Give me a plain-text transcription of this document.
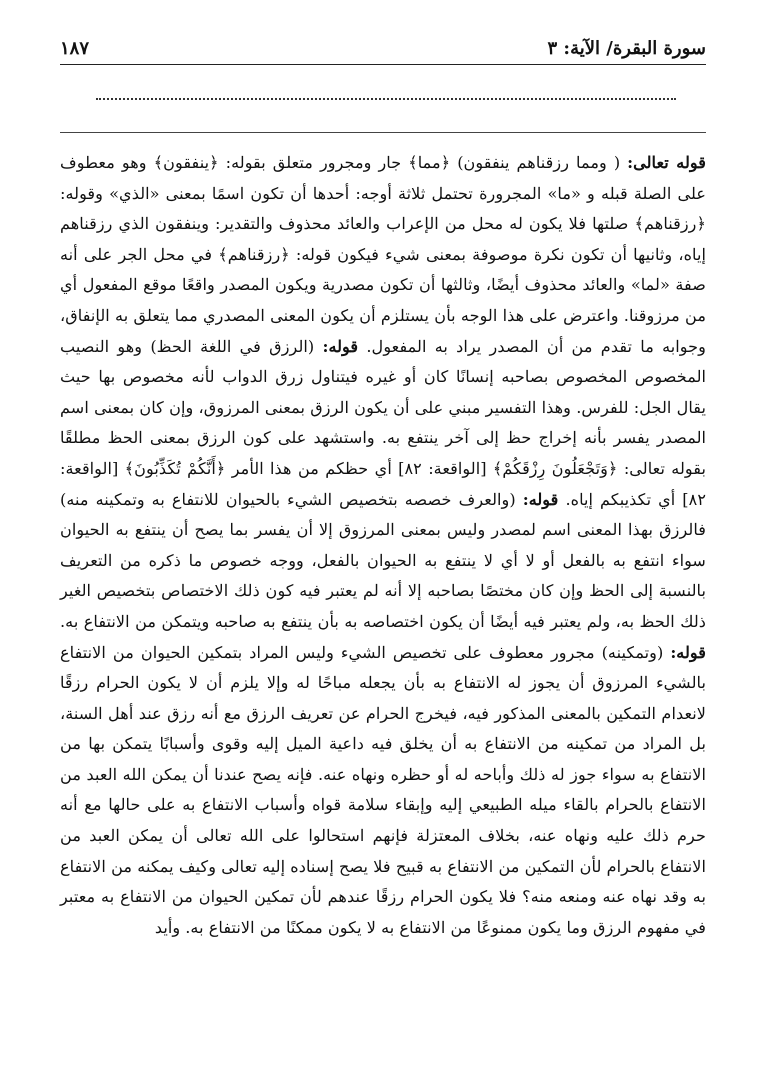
سورة البقرة/ الآية: ٣
١٨٧

قوله تعالى: ( ومما رزقناهم ينفقون) ﴿مما﴾ جار ومجرور متعلق بقوله: ﴿ينفقون﴾ وهو معطوف على الصلة قبله و «ما» المجرورة تحتمل ثلاثة أوجه: أحدها أن تكون اسمًا بمعنى «الذي» وقوله: ﴿رزقناهم﴾ صلتها فلا يكون له محل من الإعراب والعائد محذوف والتقدير: وينفقون الذي رزقناهم إياه، وثانيها أن تكون نكرة موصوفة بمعنى شيء فيكون قوله: ﴿رزقناهم﴾ في محل الجر على أنه صفة «لما» والعائد محذوف أيضًا، وثالثها أن تكون مصدرية ويكون المصدر واقعًا موقع المفعول أي من مرزوقنا. واعترض على هذا الوجه بأن يستلزم أن يكون المعنى المصدري مما يتعلق به الإنفاق، وجوابه ما تقدم من أن المصدر يراد به المفعول. قوله: (الرزق في اللغة الحظ) وهو النصيب المخصوص المخصوص بصاحبه إنسانًا كان أو غيره فيتناول زرق الدواب لأنه مخصوص بها حيث يقال الجل: للفرس. وهذا التفسير مبني على أن يكون الرزق بمعنى المرزوق، وإن كان بمعنى اسم المصدر يفسر بأنه إخراج حظ إلى آخر ينتفع به. واستشهد على كون الرزق بمعنى الحظ مطلقًا بقوله تعالى: ﴿وَتَجْعَلُونَ رِزْقَكُمْ﴾ [الواقعة: ٨٢] أي حظكم من هذا الأمر ﴿أَنَّكُمْ تُكَذِّبُونَ﴾ [الواقعة: ٨٢] أي تكذيبكم إياه. قوله: (والعرف خصصه بتخصيص الشيء بالحيوان للانتفاع به وتمكينه منه) فالرزق بهذا المعنى اسم لمصدر وليس بمعنى المرزوق إلا أن يفسر بما يصح أن ينتفع به الحيوان سواء انتفع به بالفعل أو لا أي لا ينتفع به الحيوان بالفعل، ووجه خصوص ما ذكره من التعريف بالنسبة إلى الحظ وإن كان مختصًا بصاحبه إلا أنه لم يعتبر فيه كون ذلك الاختصاص بتخصيص الغير ذلك الحظ به، ولم يعتبر فيه أيضًا أن يكون اختصاصه به بأن ينتفع به صاحبه ويتمكن من الانتفاع به. قوله: (وتمكينه) مجرور معطوف على تخصيص الشيء وليس المراد بتمكين الحيوان من الانتفاع بالشيء المرزوق أن يجوز له الانتفاع به بأن يجعله مباحًا له وإلا يلزم أن لا يكون الحرام رزقًا لانعدام التمكين بالمعنى المذكور فيه، فيخرج الحرام عن تعريف الرزق مع أنه رزق عند أهل السنة، بل المراد من تمكينه من الانتفاع به أن يخلق فيه داعية الميل إليه وقوى وأسبابًا يتمكن بها من الانتفاع به سواء جوز له ذلك وأباحه له أو حظره ونهاه عنه. فإنه يصح عندنا أن يمكن الله العبد من الانتفاع بالحرام بالقاء ميله الطبيعي إليه وإبقاء سلامة قواه وأسباب الانتفاع به على حالها مع أنه حرم ذلك عليه ونهاه عنه، بخلاف المعتزلة فإنهم استحالوا على الله تعالى أن يمكن العبد من الانتفاع بالحرام لأن التمكين من الانتفاع به قبيح فلا يصح إسناده إليه تعالى وكيف يمكنه من الانتفاع به وقد نهاه عنه ومنعه منه؟ فلا يكون الحرام رزقًا عندهم لأن تمكين الحيوان من الانتفاع به معتبر في مفهوم الرزق وما يكون ممنوعًا من الانتفاع به لا يكون ممكنًا من الانتفاع به. وأيد
